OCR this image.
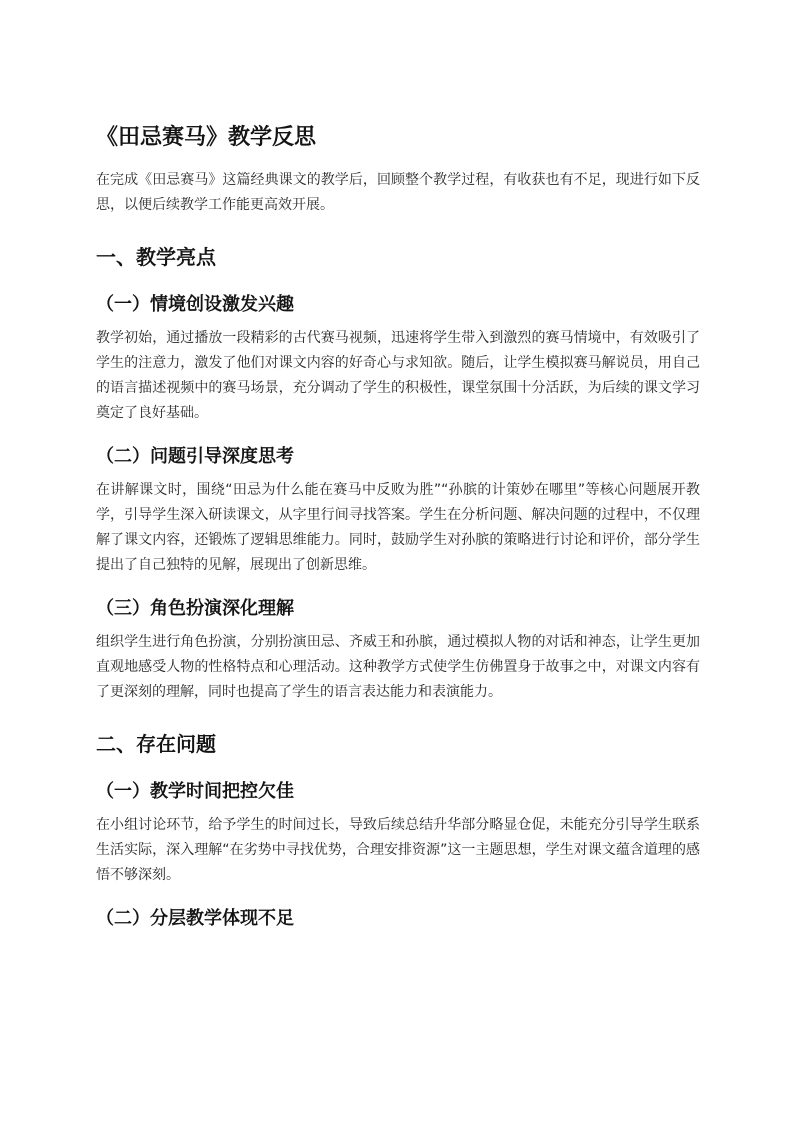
《田忌赛马》教学反思

在完成《田忌赛马》这篇经典课文的教学后，回顾整个教学过程，有收获也有不足，现进行如下反思，以便后续教学工作能更高效开展。

一、教学亮点
（一）情境创设激发兴趣

教学初始，通过播放一段精彩的古代赛马视频，迅速将学生带入到激烈的赛马情境中，有效吸引了学生的注意力，激发了他们对课文内容的好奇心与求知欲。随后，让学生模拟赛马解说员，用自己的语言描述视频中的赛马场景，充分调动了学生的积极性，课堂氛围十分活跃，为后续的课文学习奠定了良好基础。

（二）问题引导深度思考

在讲解课文时，围绕“田忌为什么能在赛马中反败为胜”“孙膑的计策妙在哪里”等核心问题展开教学，引导学生深入研读课文，从字里行间寻找答案。学生在分析问题、解决问题的过程中，不仅理解了课文内容，还锻炼了逻辑思维能力。同时，鼓励学生对孙膑的策略进行讨论和评价，部分学生提出了自己独特的见解，展现出了创新思维。

（三）角色扮演深化理解

组织学生进行角色扮演，分别扮演田忌、齐威王和孙膑，通过模拟人物的对话和神态，让学生更加直观地感受人物的性格特点和心理活动。这种教学方式使学生仿佛置身于故事之中，对课文内容有了更深刻的理解，同时也提高了学生的语言表达能力和表演能力。

二、存在问题
（一）教学时间把控欠佳

在小组讨论环节，给予学生的时间过长，导致后续总结升华部分略显仓促，未能充分引导学生联系生活实际，深入理解“在劣势中寻找优势，合理安排资源”这一主题思想，学生对课文蕴含道理的感悟不够深刻。

（二）分层教学体现不足
